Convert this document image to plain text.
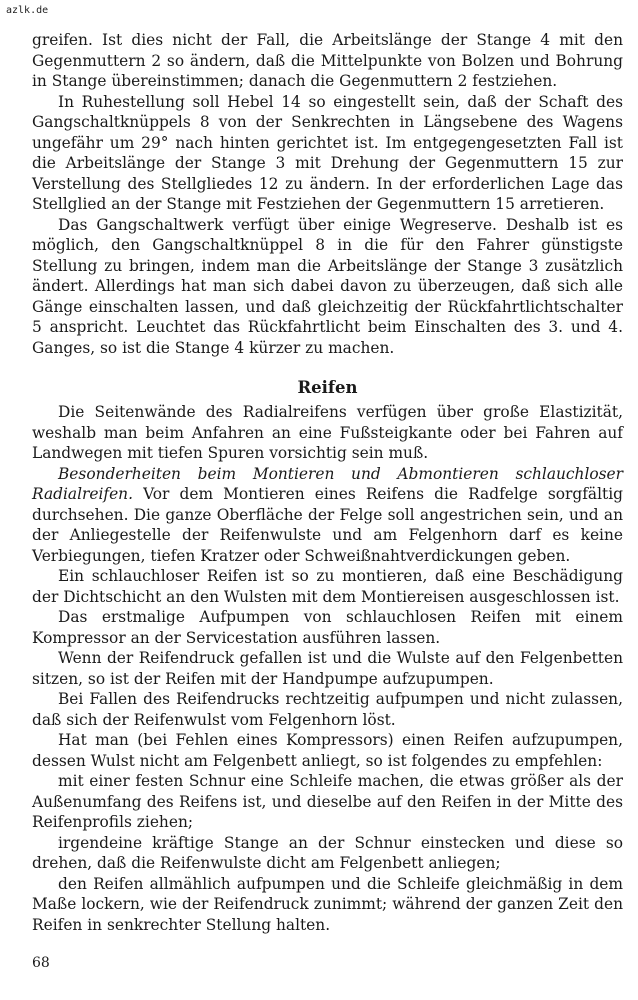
azlk.de

greifen. Ist dies nicht der Fall, die Arbeitslänge der Stange 4 mit den Gegenmuttern 2 so ändern, daß die Mittelpunkte von Bolzen und Bohrung in Stange übereinstimmen; danach die Gegenmuttern 2 festziehen.

In Ruhestellung soll Hebel 14 so eingestellt sein, daß der Schaft des Gangschaltknüppels 8 von der Senkrechten in Längsebene des Wagens ungefähr um 29° nach hinten gerichtet ist. Im entgegengesetzten Fall ist die Arbeitslänge der Stange 3 mit Drehung der Gegenmuttern 15 zur Verstellung des Stellgliedes 12 zu ändern. In der erforderlichen Lage das Stellglied an der Stange mit Festziehen der Gegenmuttern 15 arretieren.

Das Gangschaltwerk verfügt über einige Wegreserve. Deshalb ist es möglich, den Gangschaltknüppel 8 in die für den Fahrer günstigste Stellung zu bringen, indem man die Arbeitslänge der Stange 3 zusätzlich ändert. Allerdings hat man sich dabei davon zu überzeugen, daß sich alle Gänge einschalten lassen, und daß gleichzeitig der Rückfahrtlichtschalter 5 anspricht. Leuchtet das Rückfahrtlicht beim Einschalten des 3. und 4. Ganges, so ist die Stange 4 kürzer zu machen.

Reifen

Die Seitenwände des Radialreifens verfügen über große Elastizität, weshalb man beim Anfahren an eine Fußsteigkante oder bei Fahren auf Landwegen mit tiefen Spuren vorsichtig sein muß.

Besonderheiten beim Montieren und Abmontieren schlauchloser Radialreifen. Vor dem Montieren eines Reifens die Radfelge sorgfältig durchsehen. Die ganze Oberfläche der Felge soll angestrichen sein, und an der Anliegestelle der Reifenwulste und am Felgenhorn darf es keine Verbiegungen, tiefen Kratzer oder Schweißnahtverdickungen geben.

Ein schlauchloser Reifen ist so zu montieren, daß eine Beschädigung der Dichtschicht an den Wulsten mit dem Montiereisen ausgeschlossen ist.

Das erstmalige Aufpumpen von schlauchlosen Reifen mit einem Kompressor an der Servicestation ausführen lassen.

Wenn der Reifendruck gefallen ist und die Wulste auf den Felgenbetten sitzen, so ist der Reifen mit der Handpumpe aufzupumpen.

Bei Fallen des Reifendrucks rechtzeitig aufpumpen und nicht zulassen, daß sich der Reifenwulst vom Felgenhorn löst.

Hat man (bei Fehlen eines Kompressors) einen Reifen aufzupumpen, dessen Wulst nicht am Felgenbett anliegt, so ist folgendes zu empfehlen:

mit einer festen Schnur eine Schleife machen, die etwas größer als der Außenumfang des Reifens ist, und dieselbe auf den Reifen in der Mitte des Reifenprofils ziehen;

irgendeine kräftige Stange an der Schnur einstecken und diese so drehen, daß die Reifenwulste dicht am Felgenbett anliegen;

den Reifen allmählich aufpumpen und die Schleife gleichmäßig in dem Maße lockern, wie der Reifendruck zunimmt; während der ganzen Zeit den Reifen in senkrechter Stellung halten.

68
